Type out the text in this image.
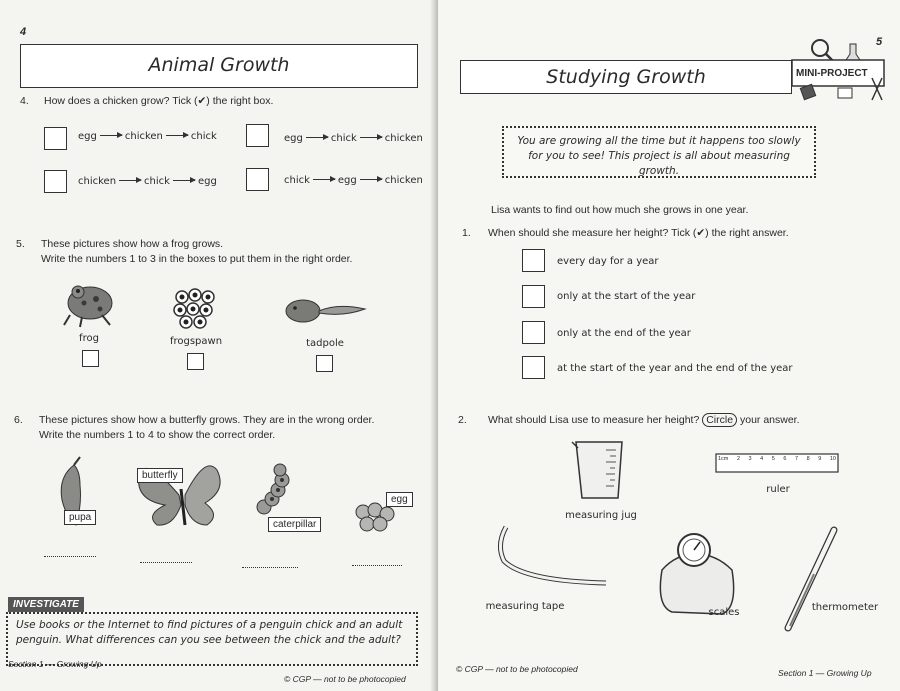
4
Animal Growth
4. How does a chicken grow? Tick (✔) the right box.
egg	chicken	chick	egg	chick	chicken
chicken	chick	egg	chick	egg	chicken
5. These pictures show how a frog grows.
Write the numbers 1 to 3 in the boxes to put them in the right order.
frog	frogspawn	tadpole
6. These pictures show how a butterfly grows. They are in the wrong order.
Write the numbers 1 to 4 to show the correct order.
pupa
butterfly
caterpillar
egg
INVESTIGATE
Use books or the Internet to find pictures of a penguin chick and an adult penguin. What differences can you see between the chick and the adult?
Section 1 — Growing Up
© CGP — not to be photocopied
5
Studying Growth	MINI-PROJECT
You are growing all the time but it happens too slowly for you to see! This project is all about measuring growth.
Lisa wants to find out how much she grows in one year.
1. When should she measure her height? Tick (✔) the right answer.
every day for a year
only at the start of the year
only at the end of the year
at the start of the year and the end of the year
2. What should Lisa use to measure her height? Circle your answer.
measuring jug
1cm 2 3 4 5 6 7 8 9 10
ruler
measuring tape
scales	thermometer
© CGP — not to be photocopied	Section 1 — Growing Up
